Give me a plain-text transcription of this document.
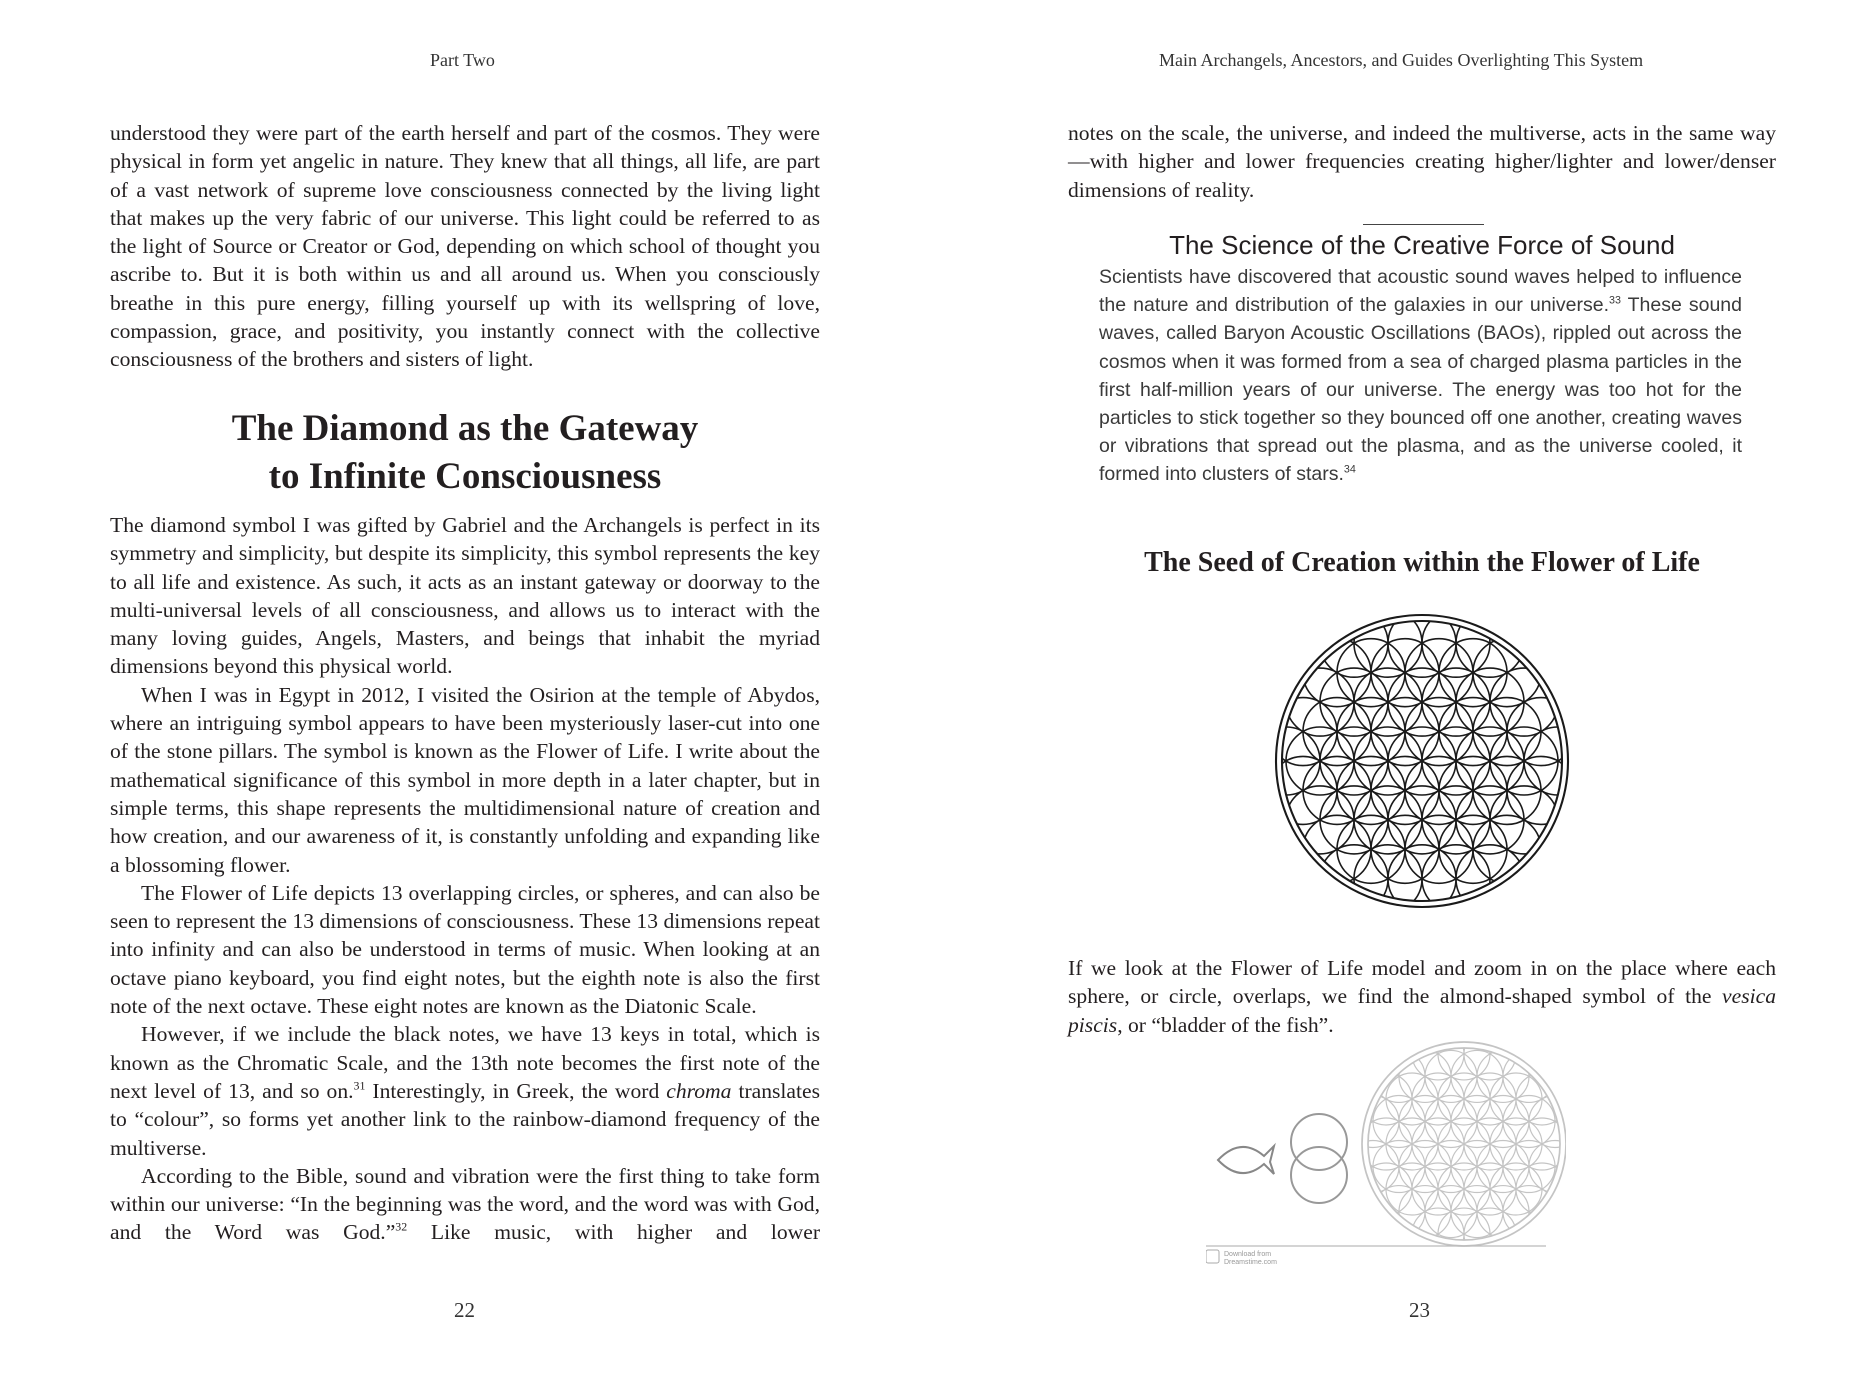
Part Two

understood they were part of the earth herself and part of the cosmos. They were physical in form yet angelic in nature. They knew that all things, all life, are part of a vast network of supreme love consciousness connected by the living light that makes up the very fabric of our universe. This light could be referred to as the light of Source or Creator or God, depending on which school of thought you ascribe to. But it is both within us and all around us. When you consciously breathe in this pure energy, filling yourself up with its wellspring of love, compassion, grace, and positivity, you instantly connect with the collective consciousness of the brothers and sisters of light.

The Diamond as the Gateway
to Infinite Consciousness

The diamond symbol I was gifted by Gabriel and the Archangels is perfect in its symmetry and simplicity, but despite its simplicity, this symbol represents the key to all life and existence. As such, it acts as an instant gateway or doorway to the multi-universal levels of all consciousness, and allows us to interact with the many loving guides, Angels, Masters, and beings that inhabit the myriad dimensions beyond this physical world.

When I was in Egypt in 2012, I visited the Osirion at the temple of Abydos, where an intriguing symbol appears to have been mysteriously laser-cut into one of the stone pillars. The symbol is known as the Flower of Life. I write about the mathematical significance of this symbol in more depth in a later chapter, but in simple terms, this shape represents the multidimensional nature of creation and how creation, and our awareness of it, is constantly unfolding and expanding like a blossoming flower.

The Flower of Life depicts 13 overlapping circles, or spheres, and can also be seen to represent the 13 dimensions of consciousness. These 13 dimensions repeat into infinity and can also be understood in terms of music. When looking at an octave piano keyboard, you find eight notes, but the eighth note is also the first note of the next octave. These eight notes are known as the Diatonic Scale.

However, if we include the black notes, we have 13 keys in total, which is known as the Chromatic Scale, and the 13th note becomes the first note of the next level of 13, and so on.$^{31}$ Interestingly, in Greek, the word chroma translates to “colour”, so forms yet another link to the rainbow-diamond frequency of the multiverse.

According to the Bible, sound and vibration were the first thing to take form within our universe: “In the beginning was the word, and the word was with God, and the Word was God.”$^{32}$ Like music, with higher and lower

22
Main Archangels, Ancestors, and Guides Overlighting This System

notes on the scale, the universe, and indeed the multiverse, acts in the same way—with higher and lower frequencies creating higher/lighter and lower/denser dimensions of reality.

The Science of the Creative Force of Sound

Scientists have discovered that acoustic sound waves helped to influence the nature and distribution of the galaxies in our universe.$^{33}$ These sound waves, called Baryon Acoustic Oscillations (BAOs), rippled out across the cosmos when it was formed from a sea of charged plasma particles in the first half-million years of our universe. The energy was too hot for the particles to stick together so they bounced off one another, creating waves or vibrations that spread out the plasma, and as the universe cooled, it formed into clusters of stars.$^{34}$

The Seed of Creation within the Flower of Life

If we look at the Flower of Life model and zoom in on the place where each sphere, or circle, overlaps, we find the almond-shaped symbol of the vesica piscis, or “bladder of the fish”.

Download from
Dreamstime.com
23
